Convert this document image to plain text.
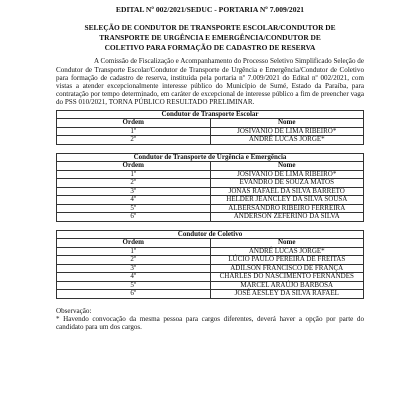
EDITAL Nº 002/2021/SEDUC - PORTARIA Nº 7.009/2021
SELEÇÃO DE CONDUTOR DE TRANSPORTE ESCOLAR/CONDUTOR DE
TRANSPORTE DE URGÊNCIA E EMERGÊNCIA/CONDUTOR DE
COLETIVO PARA FORMAÇÃO DE CADASTRO DE RESERVA

A Comissão de Fiscalização e Acompanhamento do Processo Seletivo Simplificado Seleção de Condutor de Transporte Escolar/Condutor de Transporte de Urgência e Emergência/Condutor de Coletivo para formação de cadastro de reserva, instituída pela portaria nº 7.009/2021 do Edital nº 002/2021, com vistas a atender excepcionalmente interesse público do Município de Sumé, Estado da Paraíba, para contratação por tempo determinado, em caráter de excepcional de interesse público a fim de preencher vaga do PSS 010/2021, TORNA PÚBLICO RESULTADO PRELIMINAR.

Condutor de Transporte Escolar	
Ordem	Nome
1º	JOSIVANIO DE LIMA RIBEIRO*
2º	ANDRÉ LUCAS JORGE*
Condutor de Transporte de Urgência e Emergência	
Ordem	Nome
1º	JOSIVANIO DE LIMA RIBEIRO*
2º	EVANDRO DE SOUZA MATOS
3º	JONAS RAFAEL DA SILVA BARRETO
4º	HELDER JEANCLEY DA SILVA SOUSA
5º	ALBERSANDRO RIBEIRO FERREIRA
6º	ANDERSON ZEFERINO DA SILVA
Condutor de Coletivo	
Ordem	Nome
1º	ANDRÉ LUCAS JORGE*
2º	LÚCIO PAULO PEREIRA DE FREITAS
3º	ADILSON FRANCISCO DE FRANÇA
4º	CHARLES DO NASCIMENTO FERNANDES
5º	MARCEL ARAÚJO BARBOSA
6º	JOSÉ AESLEY DA SILVA RAFAEL
Observação:
* Havendo convocação da mesma pessoa para cargos diferentes, deverá haver a opção por parte do candidato para um dos cargos.
